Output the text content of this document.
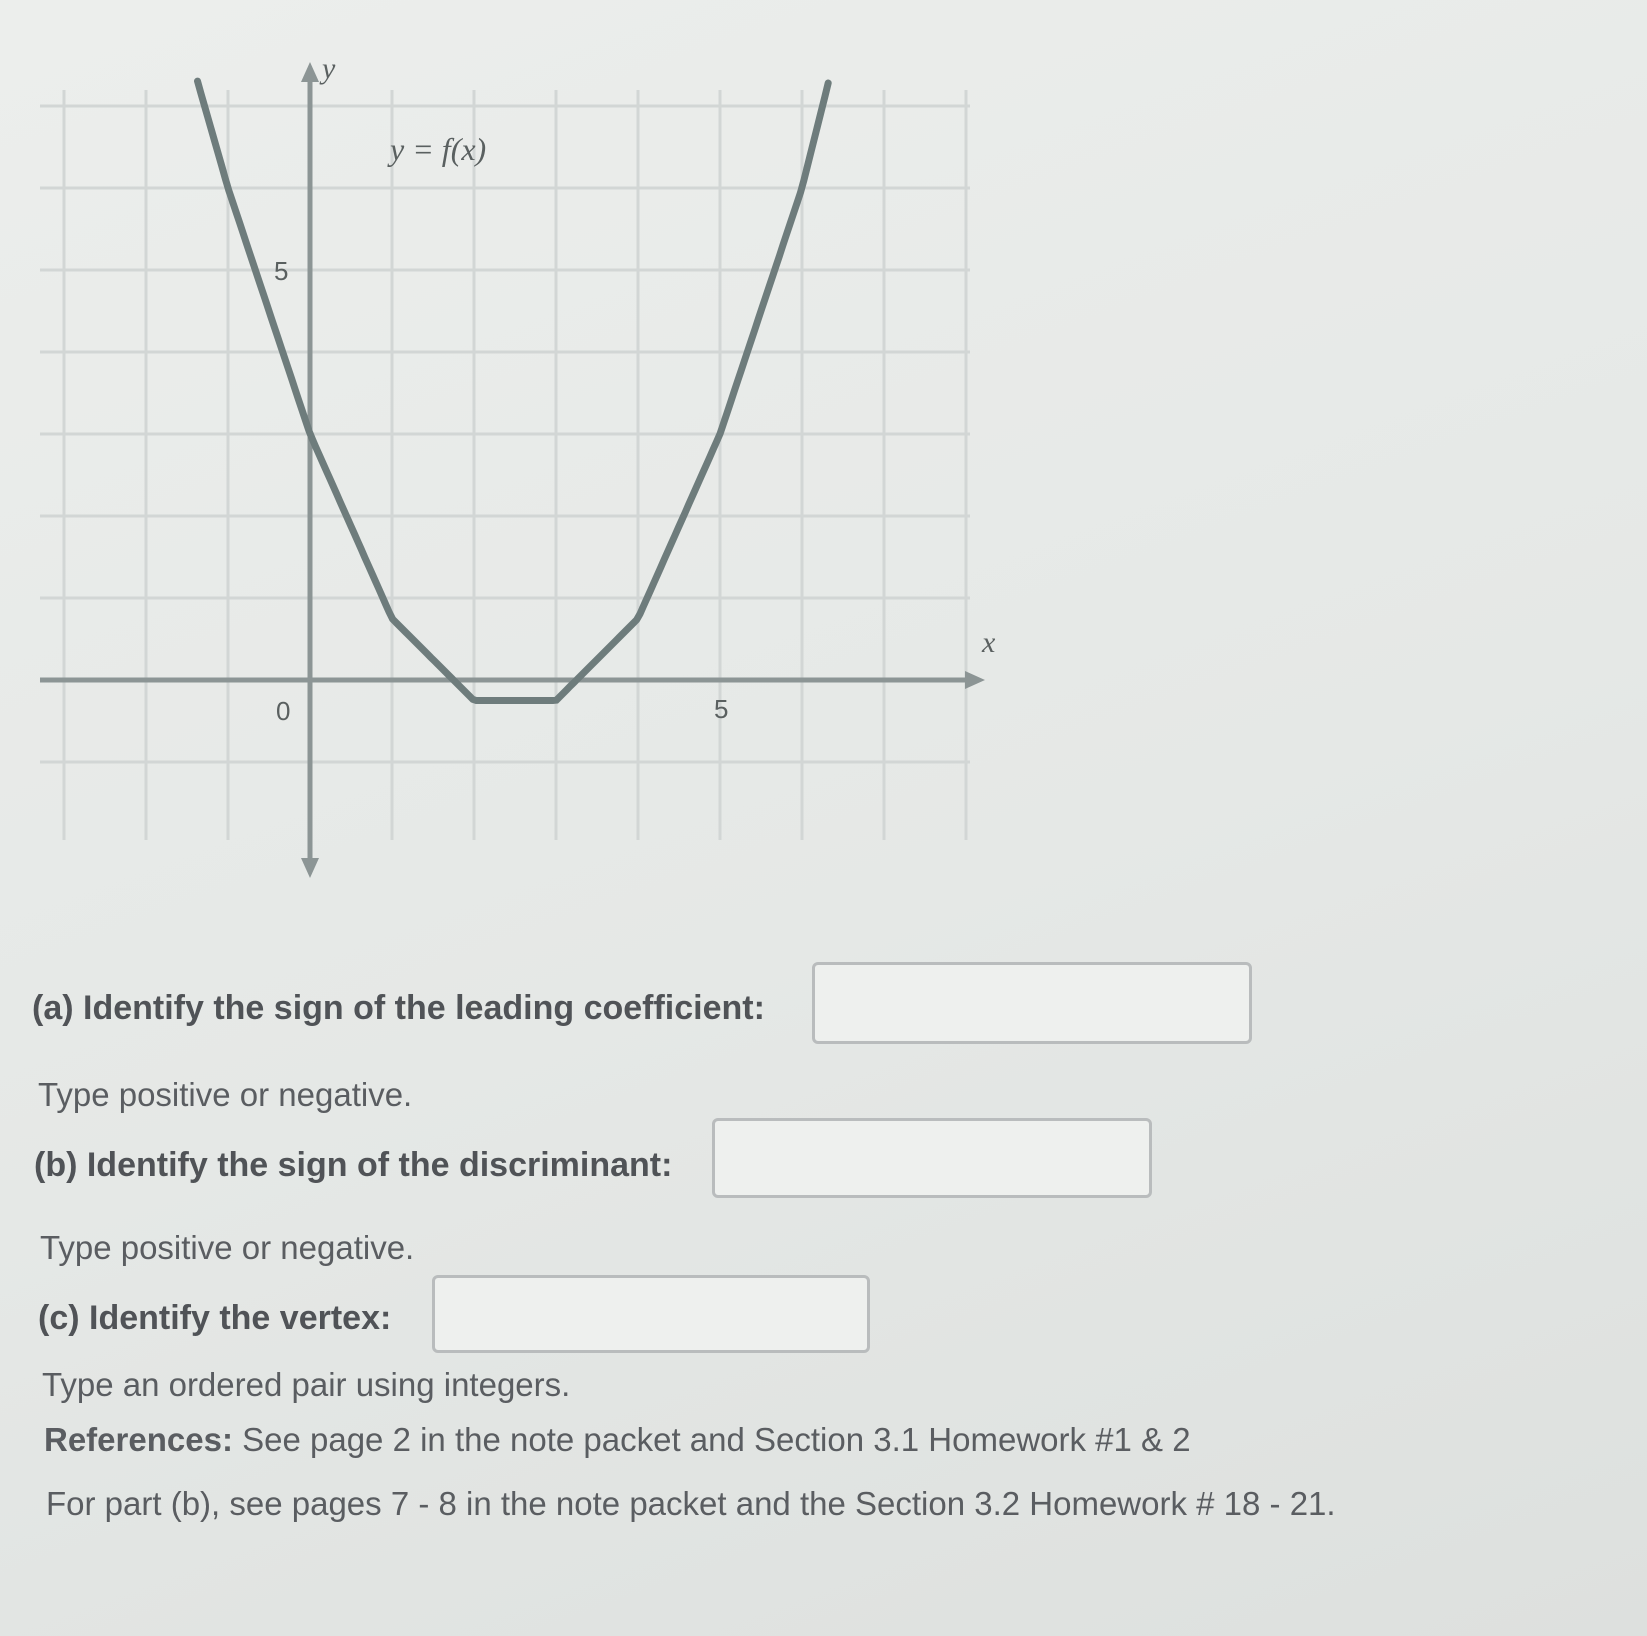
y
x
y = f(x)
0
5
5
(a) Identify the sign of the leading coefficient:
Type positive or negative.
(b) Identify the sign of the discriminant:
Type positive or negative.
(c) Identify the vertex:
Type an ordered pair using integers.
References: See page 2 in the note packet and Section 3.1 Homework #1 & 2
For part (b), see pages 7 - 8 in the note packet and the Section 3.2 Homework # 18 - 21.
